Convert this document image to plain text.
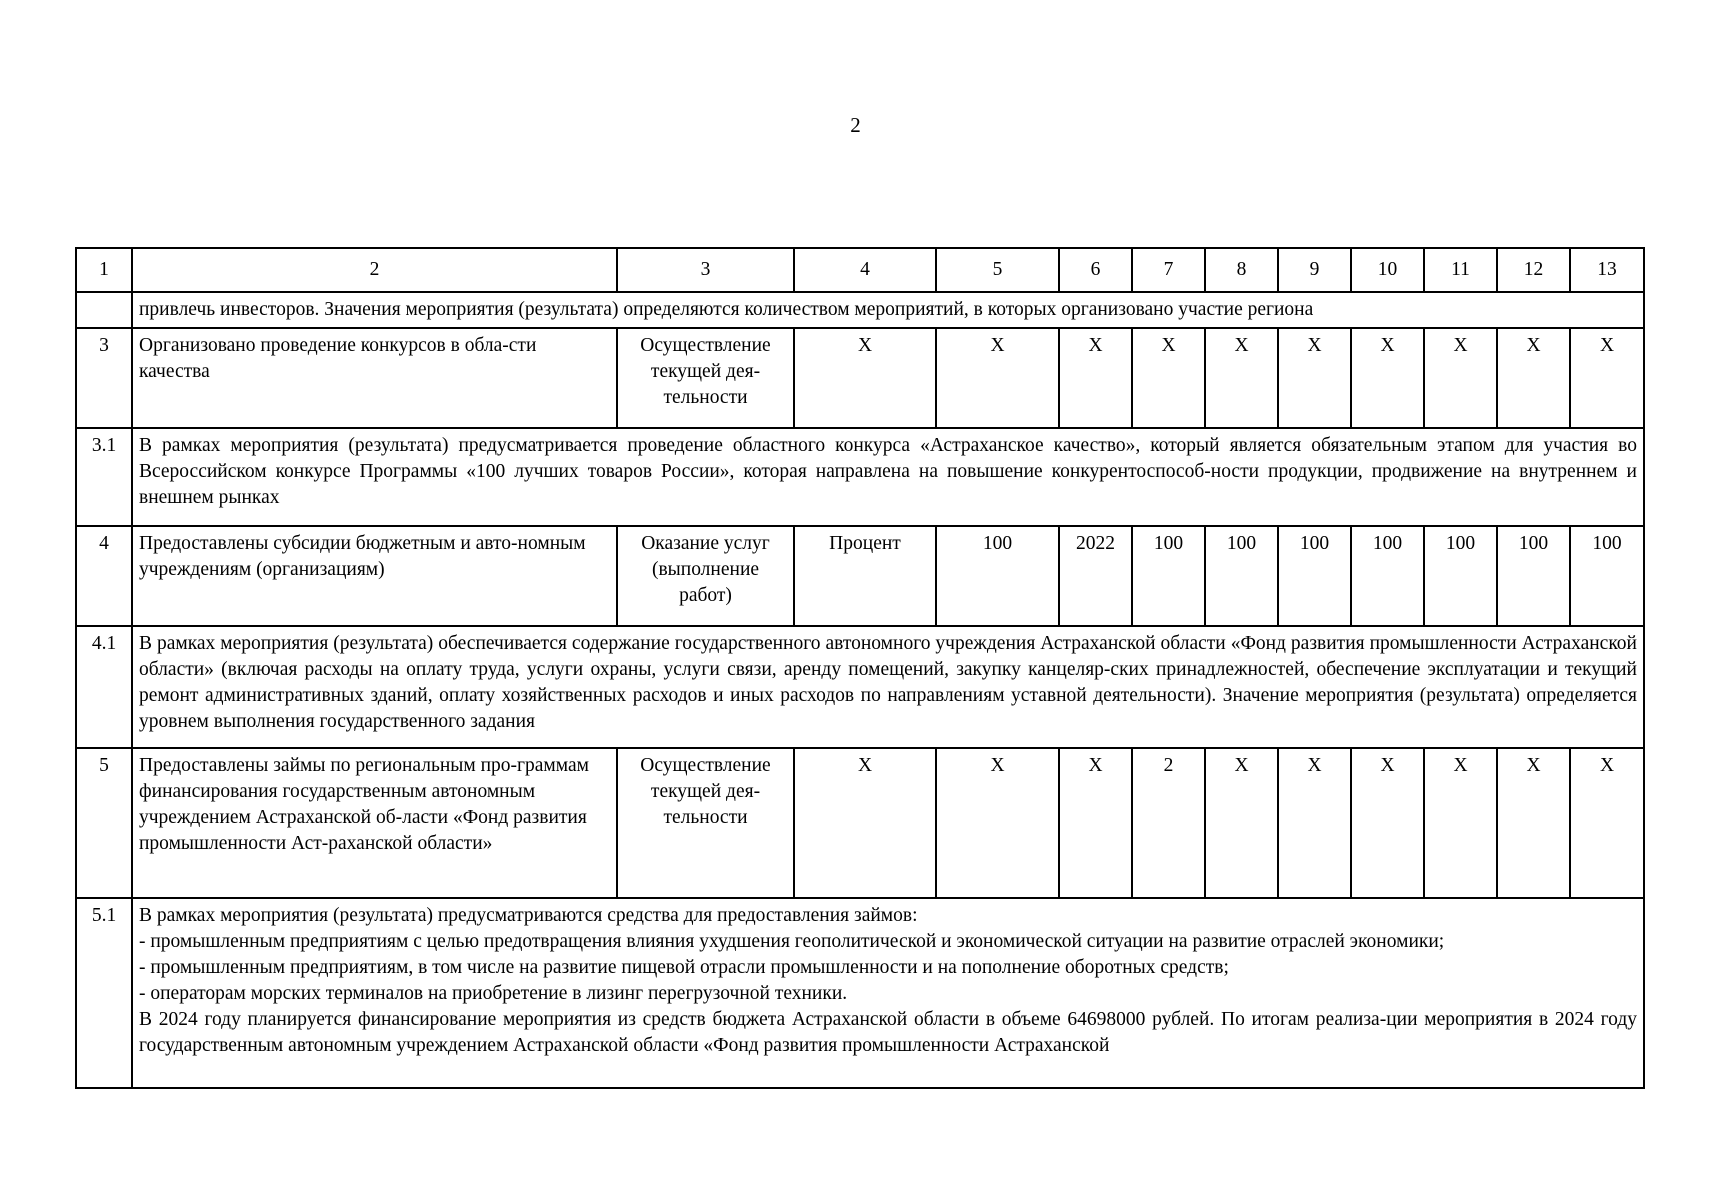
2
1	2	3	4	5	6	7	8	9	10	11	12	13
	привлечь инвесторов. Значения мероприятия (результата) определяются количеством мероприятий, в которых организовано участие региона											
3	Организовано проведение конкурсов в обла-сти качества	Осуществление текущей дея-тельности	X	X	X	X	X	X	X	X	X	X
3.1	В рамках мероприятия (результата) предусматривается проведение областного конкурса «Астраханское качество», который является обязательным этапом для участия во Всероссийском конкурсе Программы «100 лучших товаров России», которая направлена на повышение конкурентоспособ-ности продукции, продвижение на внутреннем и внешнем рынках											
4	Предоставлены субсидии бюджетным и авто-номным учреждениям (организациям)	Оказание услуг (выполнение работ)	Процент	100	2022	100	100	100	100	100	100	100
4.1	В рамках мероприятия (результата) обеспечивается содержание государственного автономного учреждения Астраханской области «Фонд развития промышленности Астраханской области» (включая расходы на оплату труда, услуги охраны, услуги связи, аренду помещений, закупку канцеляр-ских принадлежностей, обеспечение эксплуатации и текущий ремонт административных зданий, оплату хозяйственных расходов и иных расходов по направлениям уставной деятельности). Значение мероприятия (результата) определяется уровнем выполнения государственного задания											
5	Предоставлены займы по региональным про-граммам финансирования государственным автономным учреждением Астраханской об-ласти «Фонд развития промышленности Аст-раханской области»	Осуществление текущей дея-тельности	X	X	X	2	X	X	X	X	X	X
5.1	В рамках мероприятия (результата) предусматриваются средства для предоставления займов:
- промышленным предприятиям с целью предотвращения влияния ухудшения геополитической и экономической ситуации на развитие отраслей экономики;
- промышленным предприятиям, в том числе на развитие пищевой отрасли промышленности и на пополнение оборотных средств;
- операторам морских терминалов на приобретение в лизинг перегрузочной техники.
В 2024 году планируется финансирование мероприятия из средств бюджета Астраханской области в объеме 64698000 рублей. По итогам реализа-ции мероприятия в 2024 году государственным автономным учреждением Астраханской области «Фонд развития промышленности Астраханской											
